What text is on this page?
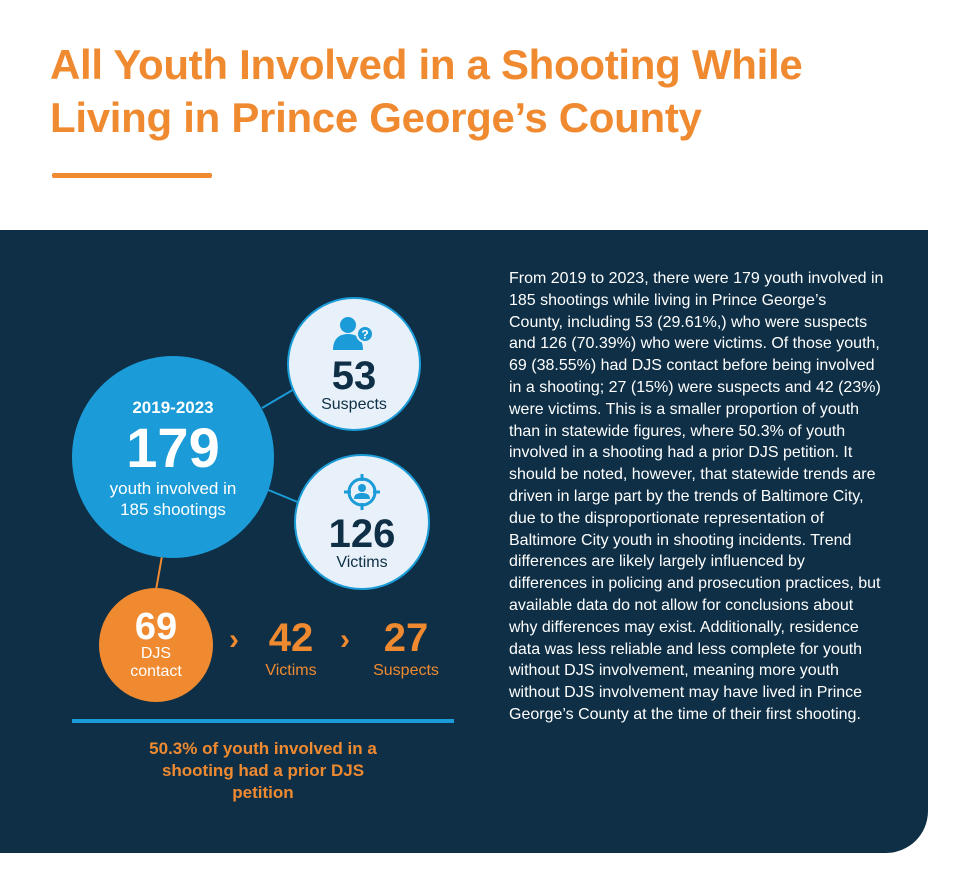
All Youth Involved in a Shooting While
Living in Prince George’s County
2019-2023
179
youth involved in 185 shootings
?
53
Suspects
126
Victims
69
DJS contact
› 42
Victims
› 27
Suspects

50.3% of youth involved in a shooting had a prior DJS petition

From 2019 to 2023, there were 179 youth involved in 185 shootings while living in Prince George’s County, including 53 (29.61%,) who were suspects and 126 (70.39%) who were victims. Of those youth, 69 (38.55%) had DJS contact before being involved in a shooting; 27 (15%) were suspects and 42 (23%) were victims. This is a smaller proportion of youth than in statewide figures, where 50.3% of youth involved in a shooting had a prior DJS petition. It should be noted, however, that statewide trends are driven in large part by the trends of Baltimore City, due to the disproportionate representation of Baltimore City youth in shooting incidents. Trend differences are likely largely influenced by differences in policing and prosecution practices, but available data do not allow for conclusions about why differences may exist. Additionally, residence data was less reliable and less complete for youth without DJS involvement, meaning more youth without DJS involvement may have lived in Prince George’s County at the time of their first shooting.
